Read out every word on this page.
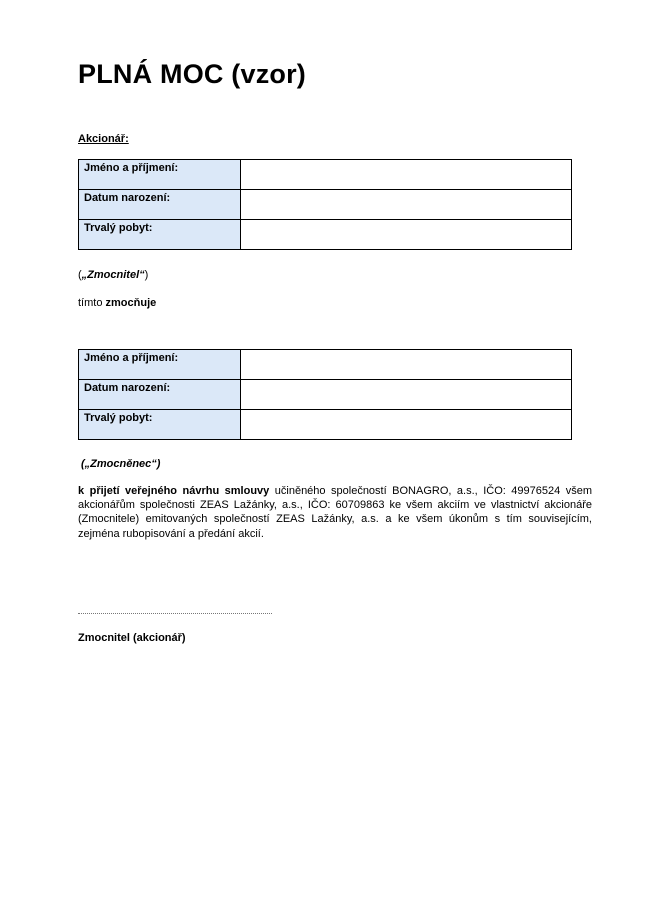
PLNÁ MOC (vzor)

Akcionář:

Jméno a příjmení:	
Datum narození:	
Trvalý pobyt:	

(„Zmocnitel“)

tímto zmocňuje

Jméno a příjmení:	
Datum narození:	
Trvalý pobyt:	

(„Zmocněnec“)

k přijetí veřejného návrhu smlouvy učiněného společností BONAGRO, a.s., IČO: 49976524 všem akcionářům společnosti ZEAS Lažánky, a.s., IČO: 60709863 ke všem akciím ve vlastnictví akcionáře (Zmocnitele) emitovaných společností ZEAS Lažánky, a.s. a ke všem úkonům s tím souvisejícím, zejména rubopisování a předání akcií.

Zmocnitel (akcionář)
